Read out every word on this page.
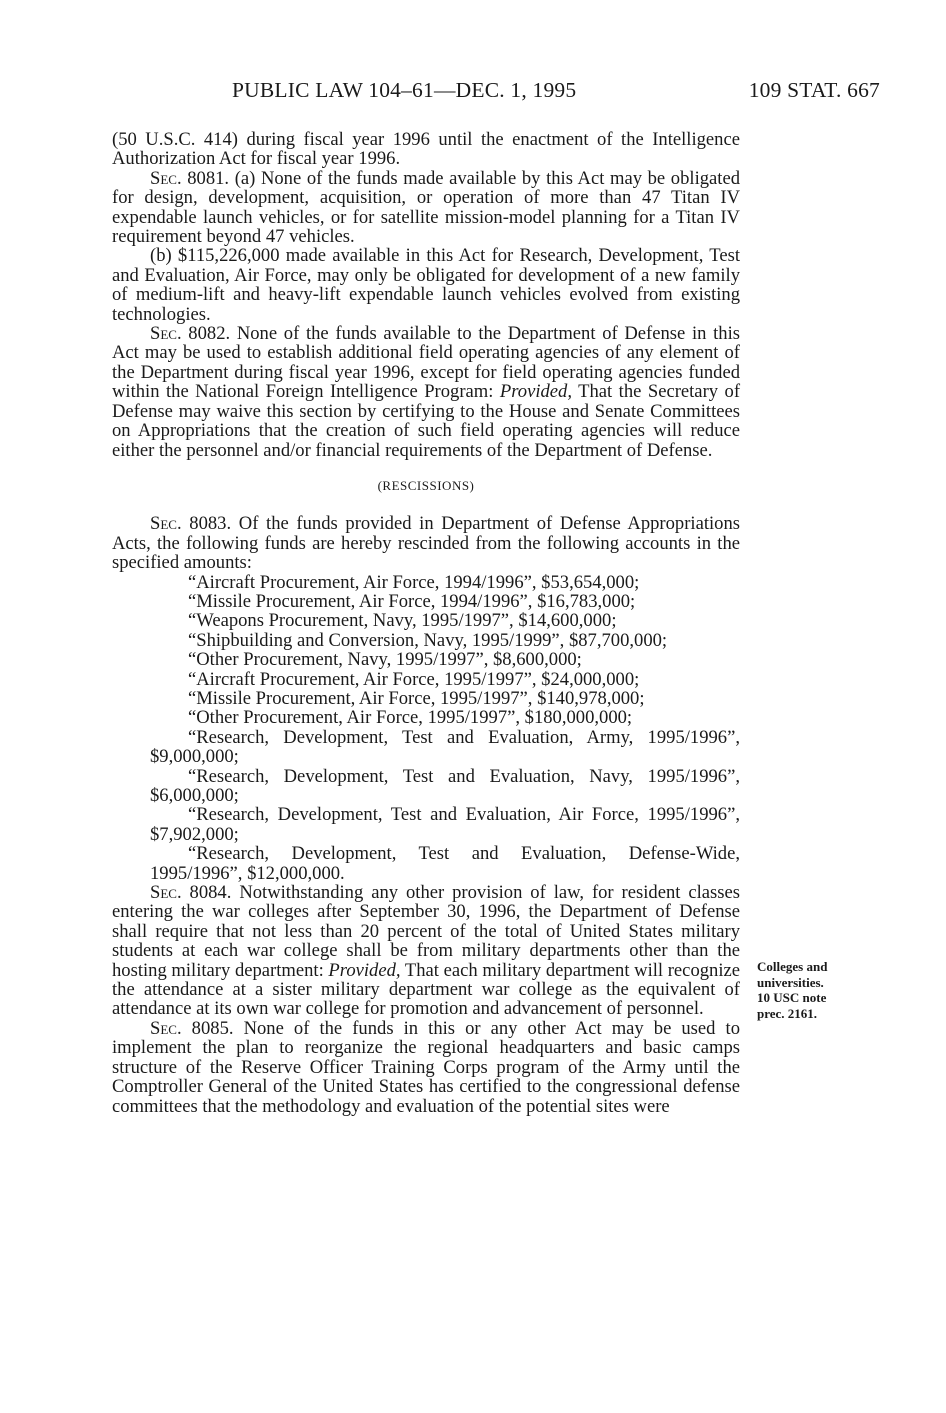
PUBLIC LAW 104–61—DEC. 1, 1995	109 STAT. 667

(50 U.S.C. 414) during fiscal year 1996 until the enactment of the Intelligence Authorization Act for fiscal year 1996.

Sec. 8081. (a) None of the funds made available by this Act may be obligated for design, development, acquisition, or operation of more than 47 Titan IV expendable launch vehicles, or for satellite mission-model planning for a Titan IV requirement beyond 47 vehicles.

(b) $115,226,000 made available in this Act for Research, Development, Test and Evaluation, Air Force, may only be obligated for development of a new family of medium-lift and heavy-lift expendable launch vehicles evolved from existing technologies.

Sec. 8082. None of the funds available to the Department of Defense in this Act may be used to establish additional field operating agencies of any element of the Department during fiscal year 1996, except for field operating agencies funded within the National Foreign Intelligence Program: Provided, That the Secretary of Defense may waive this section by certifying to the House and Senate Committees on Appropriations that the creation of such field operating agencies will reduce either the personnel and/or financial requirements of the Department of Defense.

(RESCISSIONS)

Sec. 8083. Of the funds provided in Department of Defense Appropriations Acts, the following funds are hereby rescinded from the following accounts in the specified amounts:

“Aircraft Procurement, Air Force, 1994/1996”, $53,654,000;

“Missile Procurement, Air Force, 1994/1996”, $16,783,000;

“Weapons Procurement, Navy, 1995/1997”, $14,600,000;

“Shipbuilding and Conversion, Navy, 1995/1999”, $87,700,000;

“Other Procurement, Navy, 1995/1997”, $8,600,000;

“Aircraft Procurement, Air Force, 1995/1997”, $24,000,000;

“Missile Procurement, Air Force, 1995/1997”, $140,978,000;

“Other Procurement, Air Force, 1995/1997”, $180,000,000;

“Research, Development, Test and Evaluation, Army, 1995/1996”, $9,000,000;

“Research, Development, Test and Evaluation, Navy, 1995/1996”, $6,000,000;

“Research, Development, Test and Evaluation, Air Force, 1995/1996”, $7,902,000;

“Research, Development, Test and Evaluation, Defense-Wide, 1995/1996”, $12,000,000.

Sec. 8084. Notwithstanding any other provision of law, for resident classes entering the war colleges after September 30, 1996, the Department of Defense shall require that not less than 20 percent of the total of United States military students at each war college shall be from military departments other than the hosting military department: Provided, That each military department will recognize the attendance at a sister military department war college as the equivalent of attendance at its own war college for promotion and advancement of personnel.

Sec. 8085. None of the funds in this or any other Act may be used to implement the plan to reorganize the regional headquarters and basic camps structure of the Reserve Officer Training Corps program of the Army until the Comptroller General of the United States has certified to the congressional defense committees that the methodology and evaluation of the potential sites were

Colleges and
universities.
10 USC note
prec. 2161.
